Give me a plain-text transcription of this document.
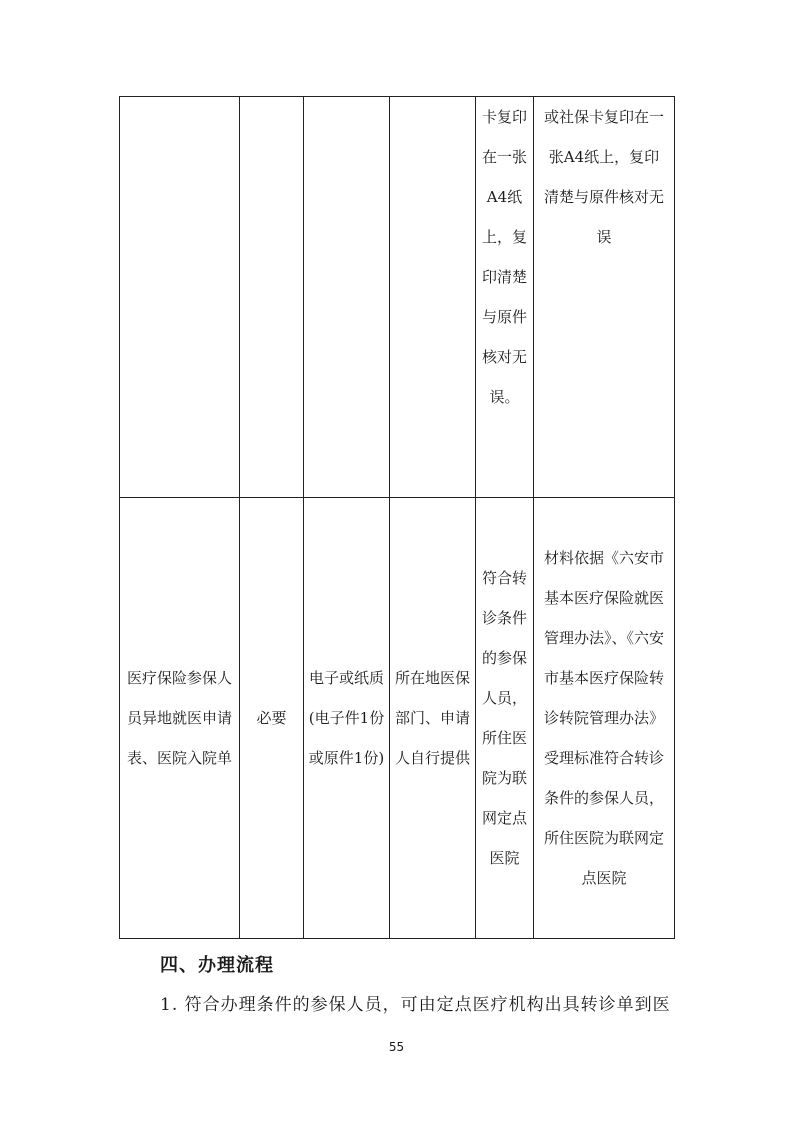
				卡复印在一张A4纸上，复印清楚与原件核对无误。	或社保卡复印在一张A4纸上，复印清楚与原件核对无误

医疗保险参保人员异地就医申请表、医院入院单	必要	电子或纸质(电子件1份或原件1份)	所在地医保部门、申请人自行提供	符合转诊条件的参保人员，所住医院为联网定点医院	材料依据《六安市基本医疗保险就医管理办法》、《六安市基本医疗保险转诊转院管理办法》受理标准符合转诊条件的参保人员，所住医院为联网定点医院
四、办理流程

1. 符合办理条件的参保人员，可由定点医疗机构出具转诊单到医

55
